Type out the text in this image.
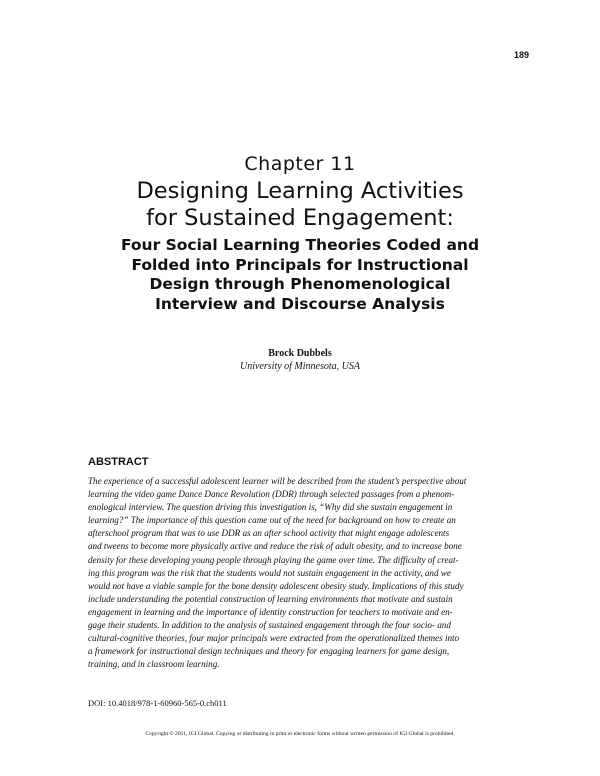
189
Chapter 11
Designing Learning Activities
for Sustained Engagement:
Four Social Learning Theories Coded and
Folded into Principals for Instructional
Design through Phenomenological
Interview and Discourse Analysis
Brock Dubbels
University of Minnesota, USA
ABSTRACT
The experience of a successful adolescent learner will be described from the student’s perspective about
learning the video game Dance Dance Revolution (DDR) through selected passages from a phenom-
enological interview. The question driving this investigation is, “Why did she sustain engagement in
learning?” The importance of this question came out of the need for background on how to create an
afterschool program that was to use DDR as an after school activity that might engage adolescents
and tweens to become more physically active and reduce the risk of adult obesity, and to increase bone
density for these developing young people through playing the game over time. The difficulty of creat-
ing this program was the risk that the students would not sustain engagement in the activity, and we
would not have a viable sample for the bone density adolescent obesity study. Implications of this study
include understanding the potential construction of learning environments that motivate and sustain
engagement in learning and the importance of identity construction for teachers to motivate and en-
gage their students. In addition to the analysis of sustained engagement through the four socio- and
cultural-cognitive theories, four major principals were extracted from the operationalized themes into
a framework for instructional design techniques and theory for engaging learners for game design,
training, and in classroom learning.
DOI: 10.4018/978-1-60960-565-0.ch011
Copyright © 2011, IGI Global. Copying or distributing in print or electronic forms without written permission of IGI Global is prohibited.
